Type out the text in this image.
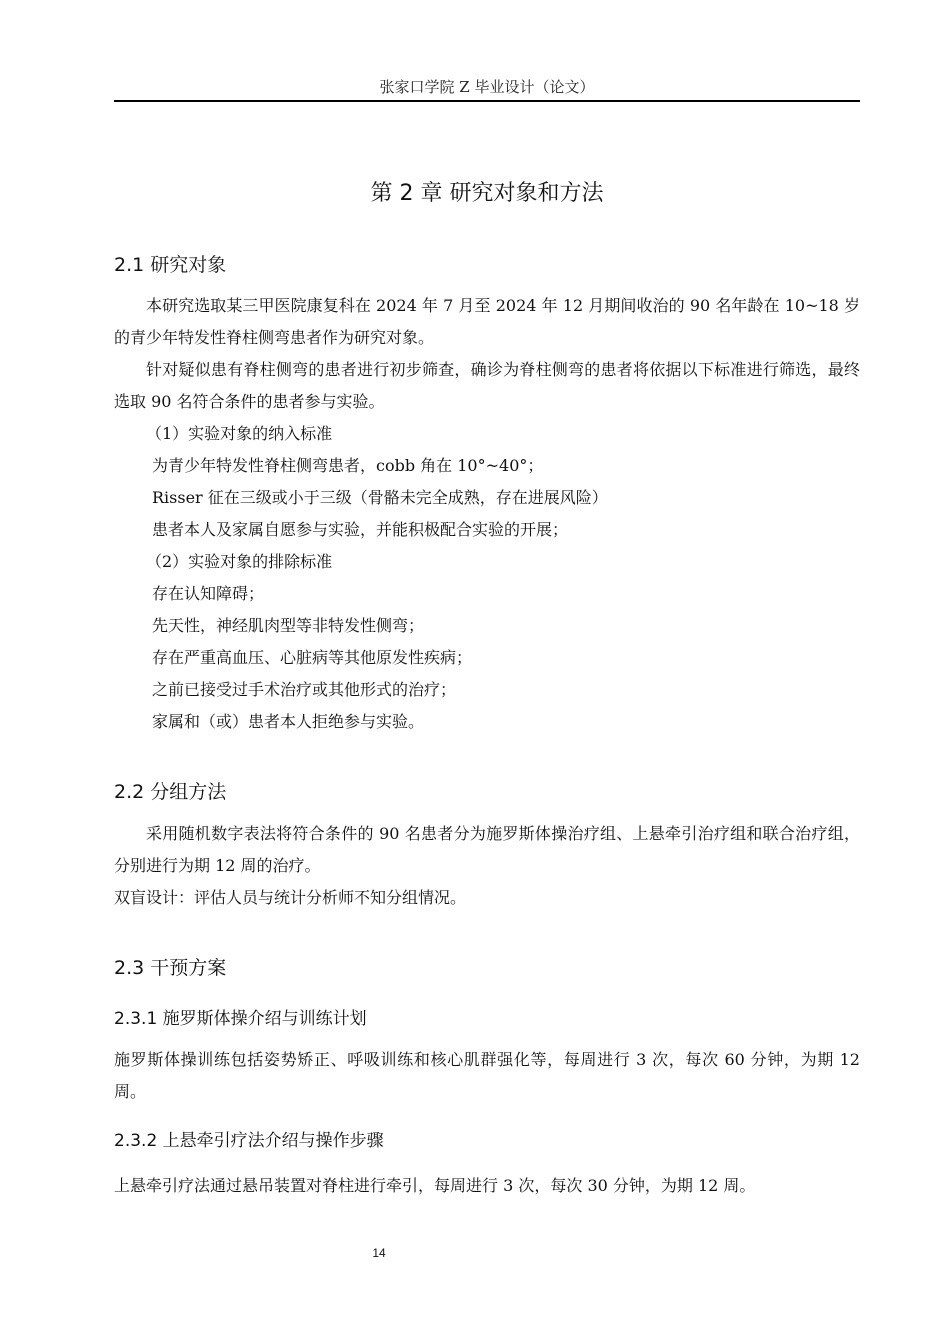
张家口学院 Z 毕业设计（论文）
第 2 章 研究对象和方法
2.1 研究对象
本研究选取某三甲医院康复科在 2024 年 7 月至 2024 年 12 月期间收治的 90 名年龄在 10~18 岁的青少年特发性脊柱侧弯患者作为研究对象。
针对疑似患有脊柱侧弯的患者进行初步筛查，确诊为脊柱侧弯的患者将依据以下标准进行筛选，最终选取 90 名符合条件的患者参与实验。
（1）实验对象的纳入标准
为青少年特发性脊柱侧弯患者，cobb 角在 10°~40°；
Risser 征在三级或小于三级（骨骼未完全成熟，存在进展风险）
患者本人及家属自愿参与实验，并能积极配合实验的开展；
（2）实验对象的排除标准
存在认知障碍；
先天性，神经肌肉型等非特发性侧弯；
存在严重高血压、心脏病等其他原发性疾病；
之前已接受过手术治疗或其他形式的治疗；
家属和（或）患者本人拒绝参与实验。
2.2 分组方法
采用随机数字表法将符合条件的 90 名患者分为施罗斯体操治疗组、上悬牵引治疗组和联合治疗组，分别进行为期 12 周的治疗。
双盲设计：评估人员与统计分析师不知分组情况。
2.3 干预方案
2.3.1 施罗斯体操介绍与训练计划
施罗斯体操训练包括姿势矫正、呼吸训练和核心肌群强化等，每周进行 3 次，每次 60 分钟，为期 12 周。
2.3.2 上悬牵引疗法介绍与操作步骤
上悬牵引疗法通过悬吊装置对脊柱进行牵引，每周进行 3 次，每次 30 分钟，为期 12 周。
14
